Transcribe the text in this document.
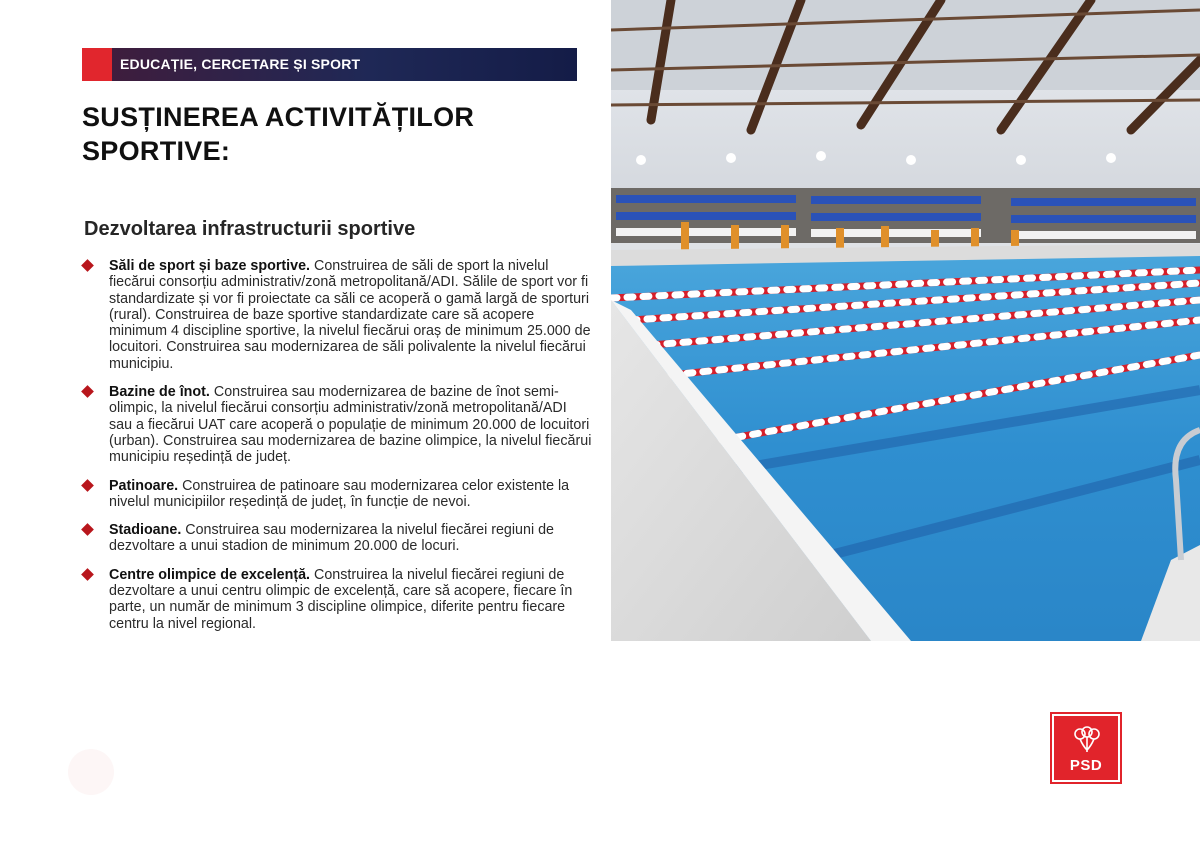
EDUCAȚIE, CERCETARE ȘI SPORT
SUSȚINEREA ACTIVITĂȚILOR
SPORTIVE:
Dezvoltarea infrastructurii sportive
Săli de sport și baze sportive. Construirea de săli de sport la nivelul fiecărui consorțiu administrativ/zonă metropolitană/ADI. Sălile de sport vor fi standardizate și vor fi proiectate ca săli ce acoperă o gamă largă de sporturi (rural). Construirea de baze sportive standardizate care să acopere minimum 4 discipline sportive, la nivelul fiecărui oraș de minimum 25.000 de locuitori. Construirea sau modernizarea de săli polivalente la nivelul fiecărui municipiu.
Bazine de înot. Construirea sau modernizarea de bazine de înot semi-olimpic, la nivelul fiecărui consorțiu administrativ/zonă metropolitană/ADI sau a fiecărui UAT care acoperă o populație de minimum 20.000 de locuitori (urban). Construirea sau modernizarea de bazine olimpice, la nivelul fiecărui municipiu reședință de județ.
Patinoare. Construirea de patinoare sau modernizarea celor existente la nivelul municipiilor reședință de județ, în funcție de nevoi.
Stadioane. Construirea sau modernizarea la nivelul fiecărei regiuni de dezvoltare a unui stadion de minimum 20.000 de locuri.
Centre olimpice de excelență. Construirea la nivelul fiecărei regiuni de dezvoltare a unui centru olimpic de excelență, care să acopere, fiecare în parte, un număr de minimum 3 discipline olimpice, diferite pentru fiecare centru la nivel regional.
PSD
